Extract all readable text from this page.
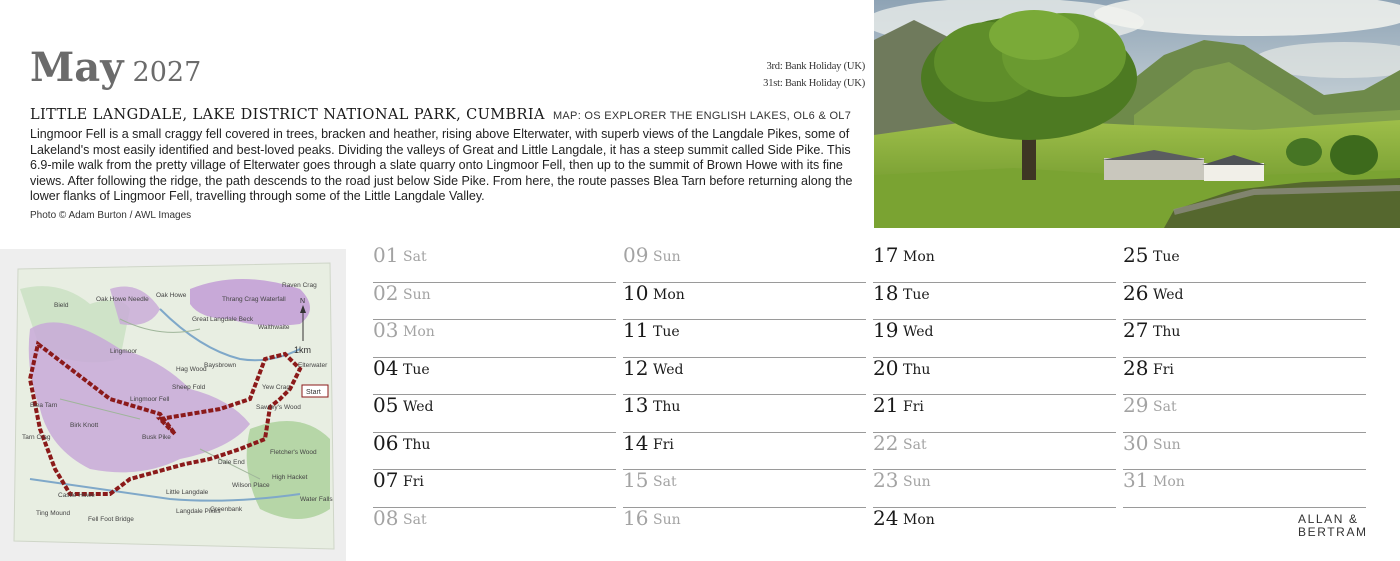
May 2027	3rd: Bank Holiday (UK)
31st: Bank Holiday (UK)
LITTLE LANGDALE, LAKE DISTRICT NATIONAL PARK, CUMBRIA MAP: OS EXPLORER THE ENGLISH LAKES, OL6 & OL7
Lingmoor Fell is a small craggy fell covered in trees, bracken and heather, rising above Elterwater, with superb views of the Langdale Pikes, some of Lakeland's most easily identified and best-loved peaks. Dividing the valleys of Great and Little Langdale, it has a steep summit called Side Pike. This 6.9-mile walk from the pretty village of Elterwater goes through a slate quarry onto Lingmoor Fell, then up to the summit of Brown Howe with its fine views. After following the ridge, the path descends to the road just below Side Pike. From here, the route passes Blea Tarn before returning along the lower flanks of Lingmoor Fell, travelling through some of the Little Langdale Valley.
Photo © Adam Burton / AWL Images
Start
N
1km
Raven Crag
Bield
Oak Howe Needle
Oak Howe
Thrang Crag Waterfall
Great Langdale Beck
Walthwaite
Lingmoor
Baysbrown
Hag Wood
Sheep Fold
Elterwater
Yew Crag
Sawrey's Wood
Blea Tarn
Lingmoor Fell
Birk Knott
Busk Pike
Dale End
Fletcher's Wood
Tarn Crag
Wilson Place
High Hacket
Castle Howe	Little Langdale
Water Falls
Fell Foot Bridge
Langdale Pikes
Greenbank
Ting Mound
01 Sat
02 Sun
03 Mon
04 Tue
05 Wed
06 Thu
07 Fri
08 Sat
09 Sun
10 Mon
11 Tue
12 Wed
13 Thu
14 Fri
15 Sat
16 Sun
17 Mon
18 Tue
19 Wed
20 Thu
21 Fri
22 Sat
23 Sun
24 Mon
25 Tue
26 Wed
27 Thu
28 Fri
29 Sat
30 Sun
31 Mon
ALLAN &
BERTRAM
